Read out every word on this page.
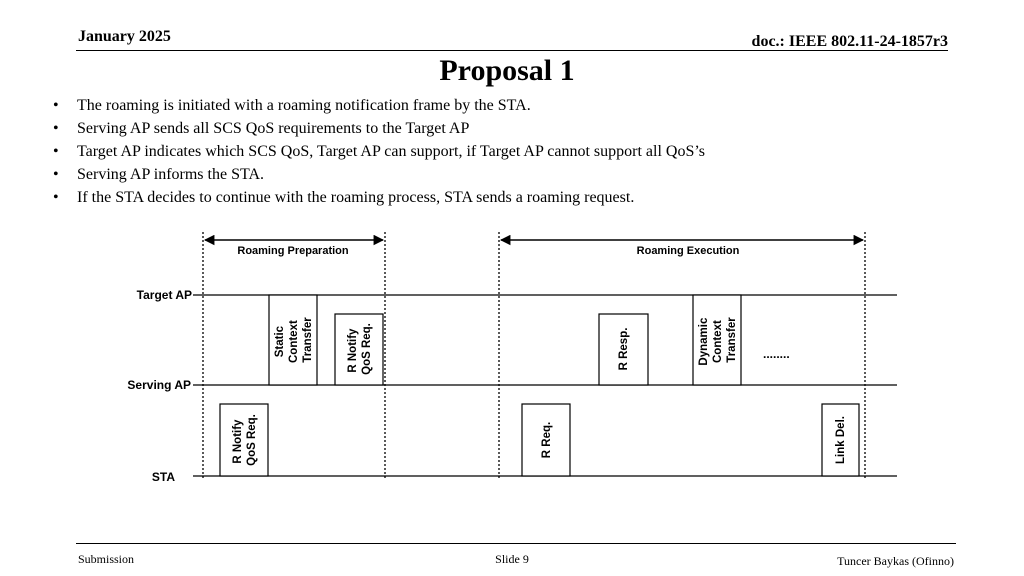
January 2025	doc.: IEEE 802.11-24-1857r3
Proposal 1
• The roaming is initiated with a roaming notification frame by the STA.
• Serving AP sends all SCS QoS requirements to the Target AP
• Target AP indicates which SCS QoS, Target AP can support, if Target AP cannot support all QoS’s
• Serving AP informs the STA.
• If the STA decides to continue with the roaming process, STA sends a roaming request.
Roaming Preparation	Roaming Execution
Target AP
Serving AP
STA
R Notify QoS Req.
Static Context Transfer	R Notify QoS Req.	R Resp.
R Req.
Dynamic Context Transfer
Link Del.
........
Submission	Slide 9	Tuncer Baykas (Ofinno)
